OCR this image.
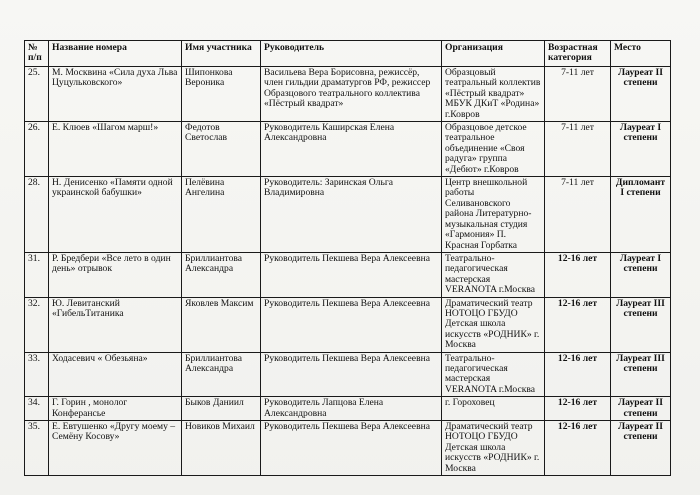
№ п/п	Название номера	Имя участника	Руководитель	Организация	Возрастная категория	Место
25.	М. Москвина «Сила духа Льва Цуцульковского»	Шипонкова Вероника	Васильева Вера Борисовна, режиссёр, член гильдии драматургов РФ, режиссер Образцового театрального коллектива «Пёстрый квадрат»	Образцовый театральный коллектив «Пёстрый квадрат» МБУК ДКиТ «Родина» г.Ковров	7-11 лет	Лауреат II степени
26.	Е. Клюев «Шагом марш!»	Федотов Светослав	Руководитель Каширская Елена Александровна	Образцовое детское театральное объединение «Своя радуга» группа «Дебют» г.Ковров	7-11 лет	Лауреат I степени
28.	Н. Денисенко «Памяти одной украинской бабушки»	Пелёвина Ангелина	Руководитель: Заринская Ольга Владимировна	Центр внешкольной работы Селивановского района Литературно-музыкальная студия «Гармония» П. Красная Горбатка	7-11 лет	Дипломант I степени
31.	Р. Бредбери «Все лето в один день» отрывок	Бриллиантова Александра	Руководитель Пекшева Вера Алексеевна	Театрально-педагогическая мастерская VERANOTA г.Москва	12-16 лет	Лауреат I степени
32.	Ю. Левитанский «ГибельТитаника	Яковлев Максим	Руководитель Пекшева Вера Алексеевна	Драматический театр НОТОЦО ГБУДО Детская школа искусств «РОДНИК» г. Москва	12-16 лет	Лауреат III степени
33.	Ходасевич « Обезьяна»	Бриллиантова Александра	Руководитель Пекшева Вера Алексеевна	Театрально-педагогическая мастерская VERANOTA г.Москва	12-16 лет	Лауреат III степени
34.	Г. Горин , монолог Конферансье	Быков Даниил	Руководитель Лапцова Елена Александровна	г. Гороховец	12-16 лет	Лауреат II степени
35.	Е. Евтушенко «Другу моему – Семёну Косову»	Новиков Михаил	Руководитель Пекшева Вера Алексеевна	Драматический театр НОТОЦО ГБУДО Детская школа искусств «РОДНИК» г. Москва	12-16 лет	Лауреат II степени
